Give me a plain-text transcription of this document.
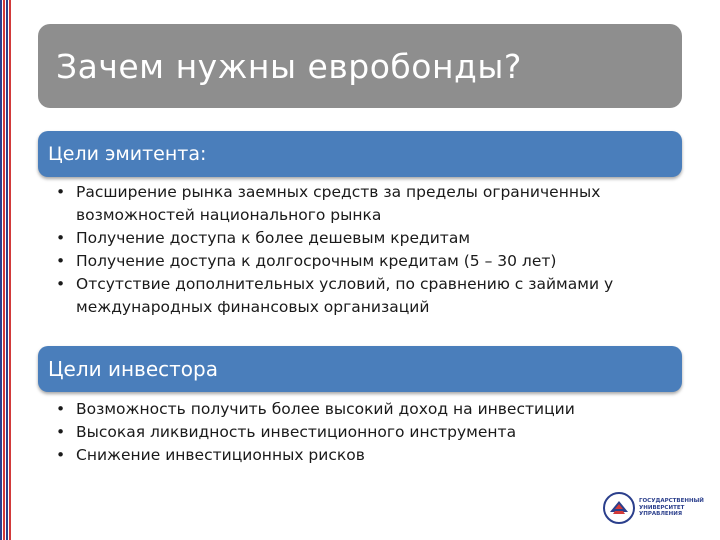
Зачем нужны евробонды?
Цели эмитента:
• Расширение рынка заемных средств за пределы ограниченных возможностей национального рынка
• Получение доступа к более дешевым кредитам
• Получение доступа к долгосрочным кредитам (5 – 30 лет)
• Отсутствие дополнительных условий, по сравнению с займами у международных финансовых организаций
Цели инвестора
• Возможность получить более высокий доход на инвестиции
• Высокая ликвидность инвестиционного инструмента
• Снижение инвестиционных рисков
ГОСУДАРСТВЕННЫЙ
УНИВЕРСИТЕТ
УПРАВЛЕНИЯ
